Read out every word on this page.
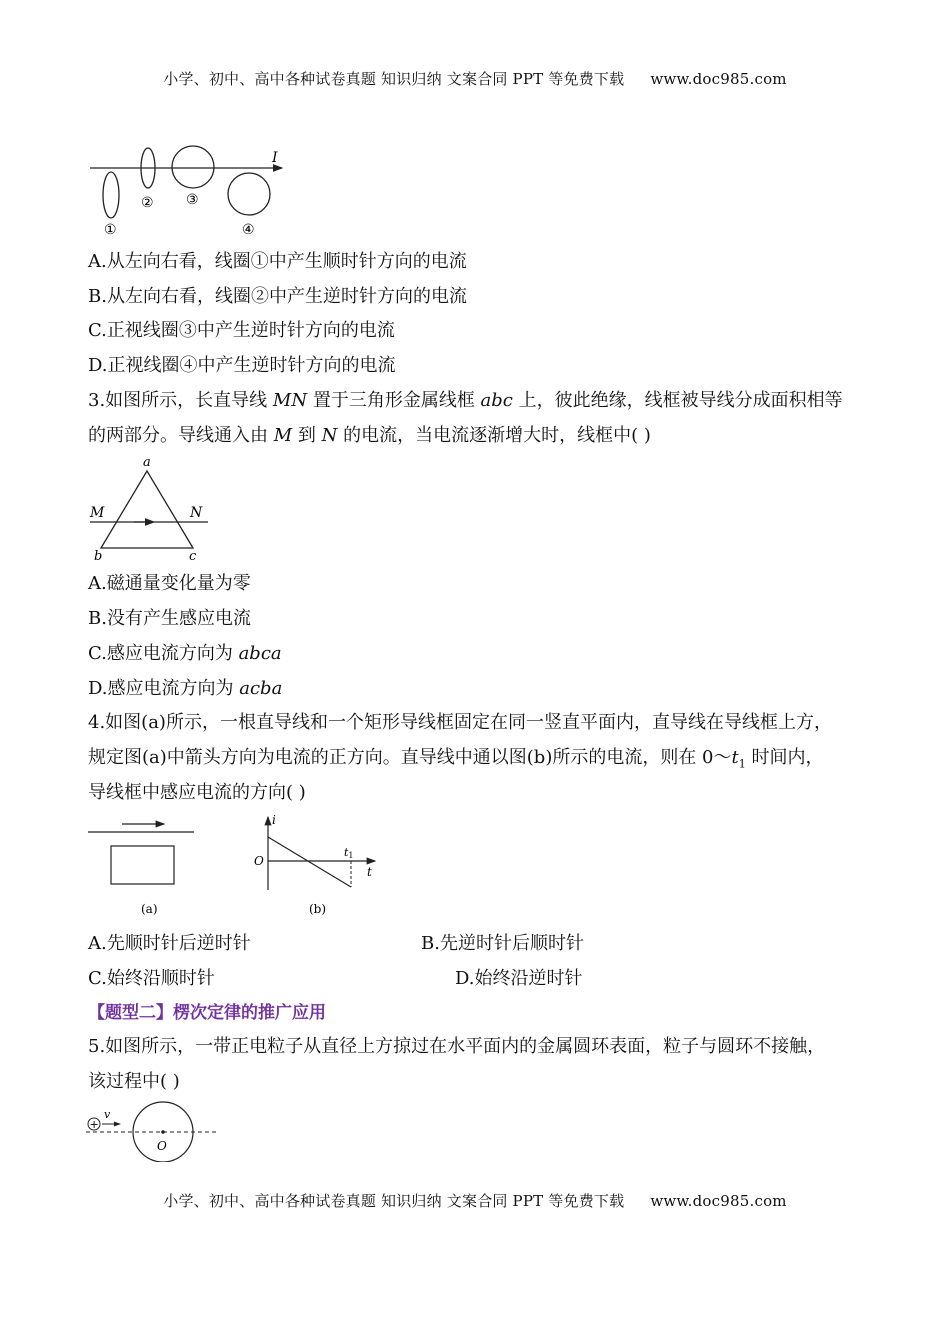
小学、初中、高中各种试卷真题 知识归纳 文案合同 PPT 等免费下载 www.doc985.com
I
①
② ③
④
A.从左向右看，线圈①中产生顺时针方向的电流
B.从左向右看，线圈②中产生逆时针方向的电流
C.正视线圈③中产生逆时针方向的电流
D.正视线圈④中产生逆时针方向的电流
3.如图所示，长直导线 MN 置于三角形金属线框 abc 上，彼此绝缘，线框被导线分成面积相等
的两部分。导线通入由 M 到 N 的电流，当电流逐渐增大时，线框中( )
a
b	c
M	N
A.磁通量变化量为零
B.没有产生感应电流
C.感应电流方向为 abca
D.感应电流方向为 acba
4.如图(a)所示，一根直导线和一个矩形导线框固定在同一竖直平面内，直导线在导线框上方，
规定图(a)中箭头方向为电流的正方向。直导线中通以图(b)所示的电流，则在 $0\sim t_1$ 时间内，
导线框中感应电流的方向( )
(a)
i
O
t1
t
(b)
A.先顺时针后逆时针	B.先逆时针后顺时针
C.始终沿顺时针	D.始终沿逆时针
【题型二】楞次定律的推广应用
5.如图所示，一带正电粒子从直径上方掠过在水平面内的金属圆环表面，粒子与圆环不接触，
该过程中( )
+
v
O
小学、初中、高中各种试卷真题 知识归纳 文案合同 PPT 等免费下载 www.doc985.com
